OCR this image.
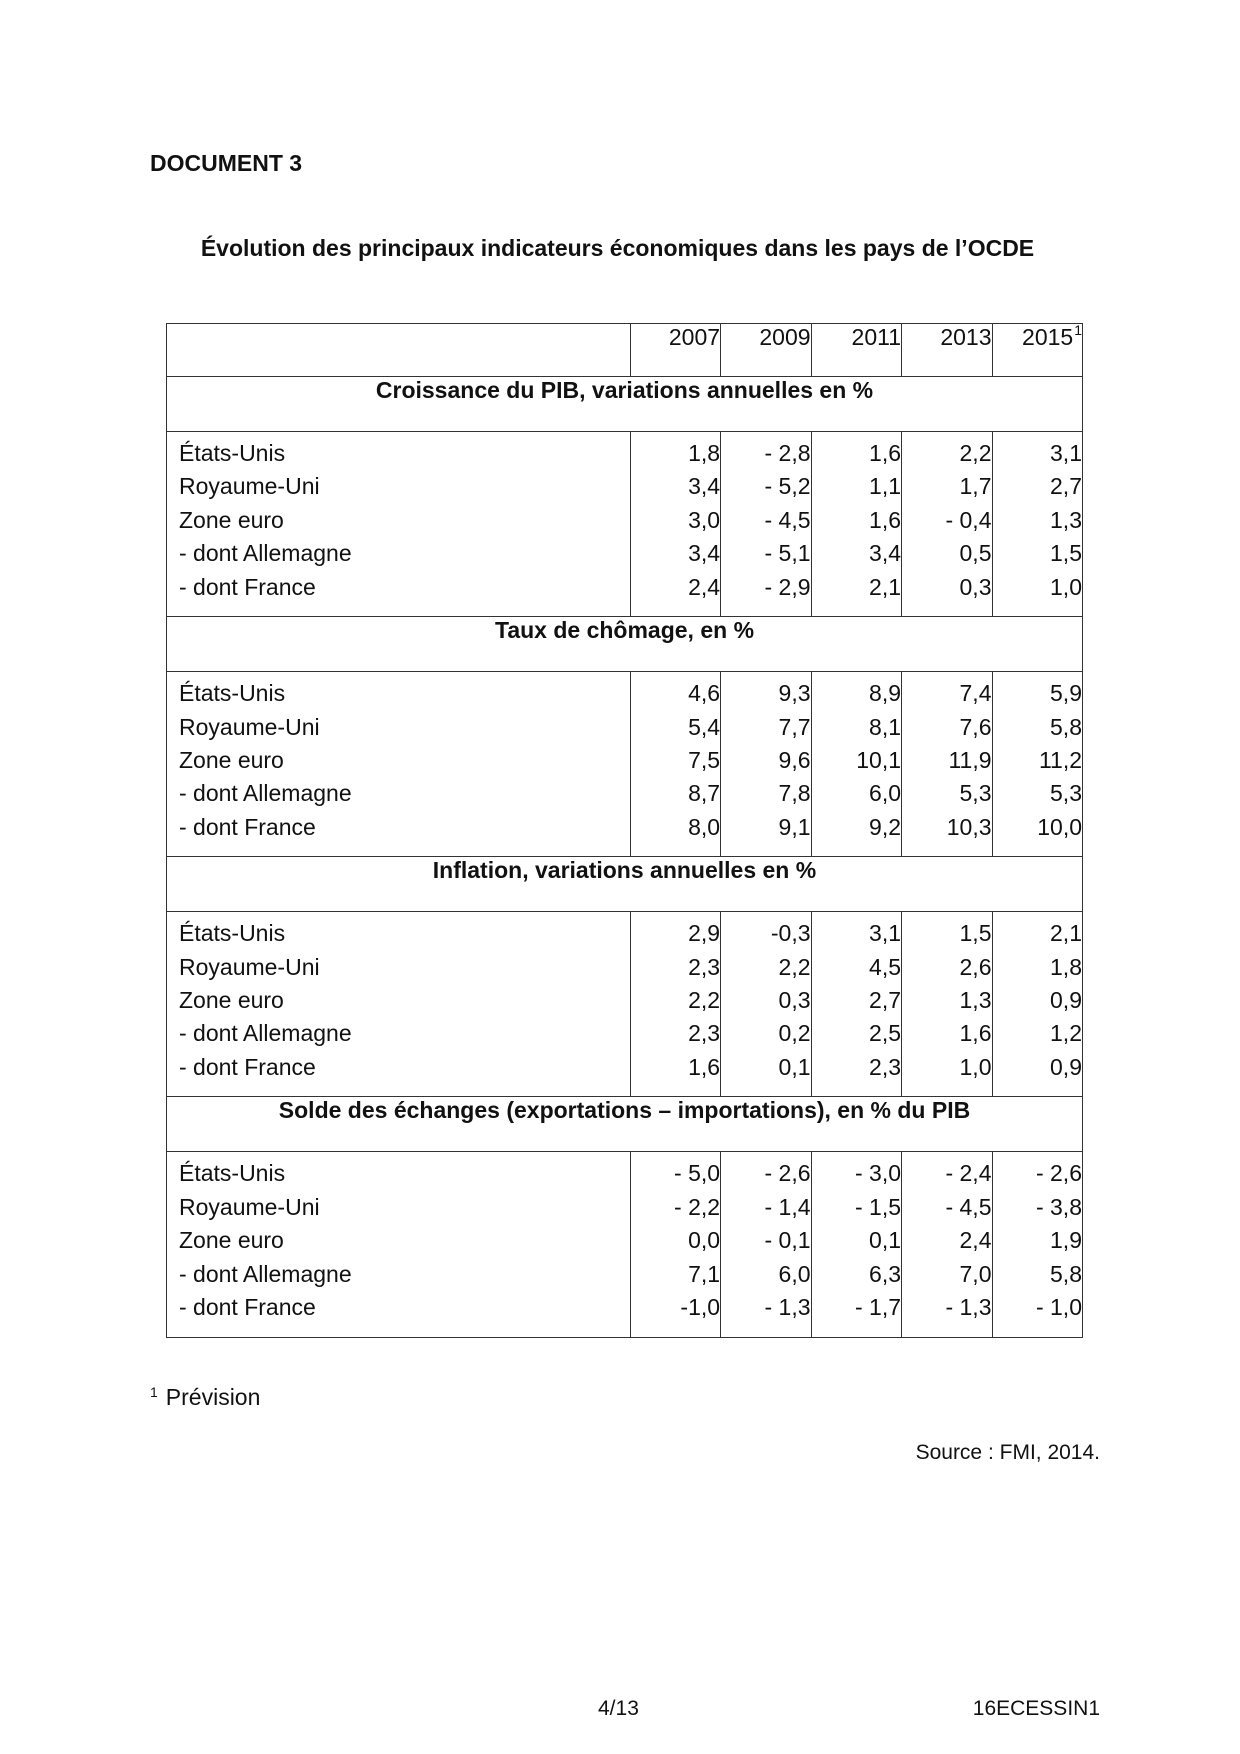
DOCUMENT 3
Évolution des principaux indicateurs économiques dans les pays de l’OCDE
	2007	2009	2011	2013	2015$^1$
Croissance du PIB, variations annuelles en %					
États-Unis	1,8	- 2,8	1,6	2,2	3,1
Royaume-Uni	3,4	- 5,2	1,1	1,7	2,7
Zone euro	3,0	- 4,5	1,6	- 0,4	1,3
- dont Allemagne	3,4	- 5,1	3,4	0,5	1,5
- dont France	2,4	- 2,9	2,1	0,3	1,0
Taux de chômage, en %					
États-Unis	4,6	9,3	8,9	7,4	5,9
Royaume-Uni	5,4	7,7	8,1	7,6	5,8
Zone euro	7,5	9,6	10,1	11,9	11,2
- dont Allemagne	8,7	7,8	6,0	5,3	5,3
- dont France	8,0	9,1	9,2	10,3	10,0
Inflation, variations annuelles en %					
États-Unis	2,9	-0,3	3,1	1,5	2,1
Royaume-Uni	2,3	2,2	4,5	2,6	1,8
Zone euro	2,2	0,3	2,7	1,3	0,9
- dont Allemagne	2,3	0,2	2,5	1,6	1,2
- dont France	1,6	0,1	2,3	1,0	0,9
Solde des échanges (exportations – importations), en % du PIB					
États-Unis	- 5,0	- 2,6	- 3,0	- 2,4	- 2,6
Royaume-Uni	- 2,2	- 1,4	- 1,5	- 4,5	- 3,8
Zone euro	0,0	- 0,1	0,1	2,4	1,9
- dont Allemagne	7,1	6,0	6,3	7,0	5,8
- dont France	-1,0	- 1,3	- 1,7	- 1,3	- 1,0
$^1$ Prévision
Source : FMI, 2014.
4/13	16ECESSIN1
